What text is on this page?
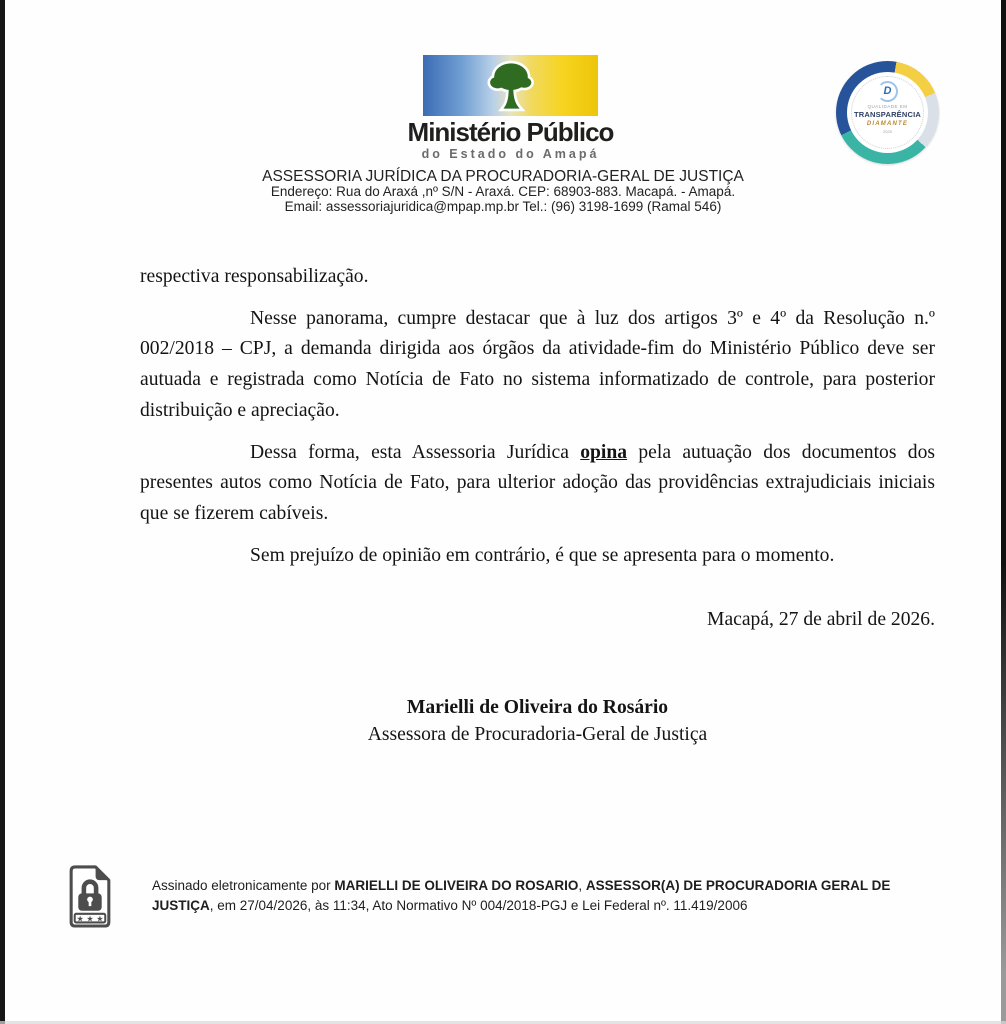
Ministério Público
do Estado do Amapá
D
QUALIDADE EM
TRANSPARÊNCIA
DIAMANTE
2020
ASSESSORIA JURÍDICA DA PROCURADORIA-GERAL DE JUSTIÇA
Endereço: Rua do Araxá ,nº S/N - Araxá. CEP: 68903-883. Macapá. - Amapá.
Email: assessoriajuridica@mpap.mp.br Tel.: (96) 3198-1699 (Ramal 546)

respectiva responsabilização.

Nesse panorama, cumpre destacar que à luz dos artigos 3º e 4º da Resolução n.º 002/2018 – CPJ, a demanda dirigida aos órgãos da atividade-fim do Ministério Público deve ser autuada e registrada como Notícia de Fato no sistema informatizado de controle, para posterior distribuição e apreciação.

Dessa forma, esta Assessoria Jurídica opina pela autuação dos documentos dos presentes autos como Notícia de Fato, para ulterior adoção das providências extrajudiciais iniciais que se fizerem cabíveis.

Sem prejuízo de opinião em contrário, é que se apresenta para o momento.

Macapá, 27 de abril de 2026.

Marielli de Oliveira do Rosário
Assessora de Procuradoria-Geral de Justiça
★ ★ ★

Assinado eletronicamente por MARIELLI DE OLIVEIRA DO ROSARIO, ASSESSOR(A) DE PROCURADORIA GERAL DE JUSTIÇA, em 27/04/2026, às 11:34, Ato Normativo Nº 004/2018-PGJ e Lei Federal nº. 11.419/2006
